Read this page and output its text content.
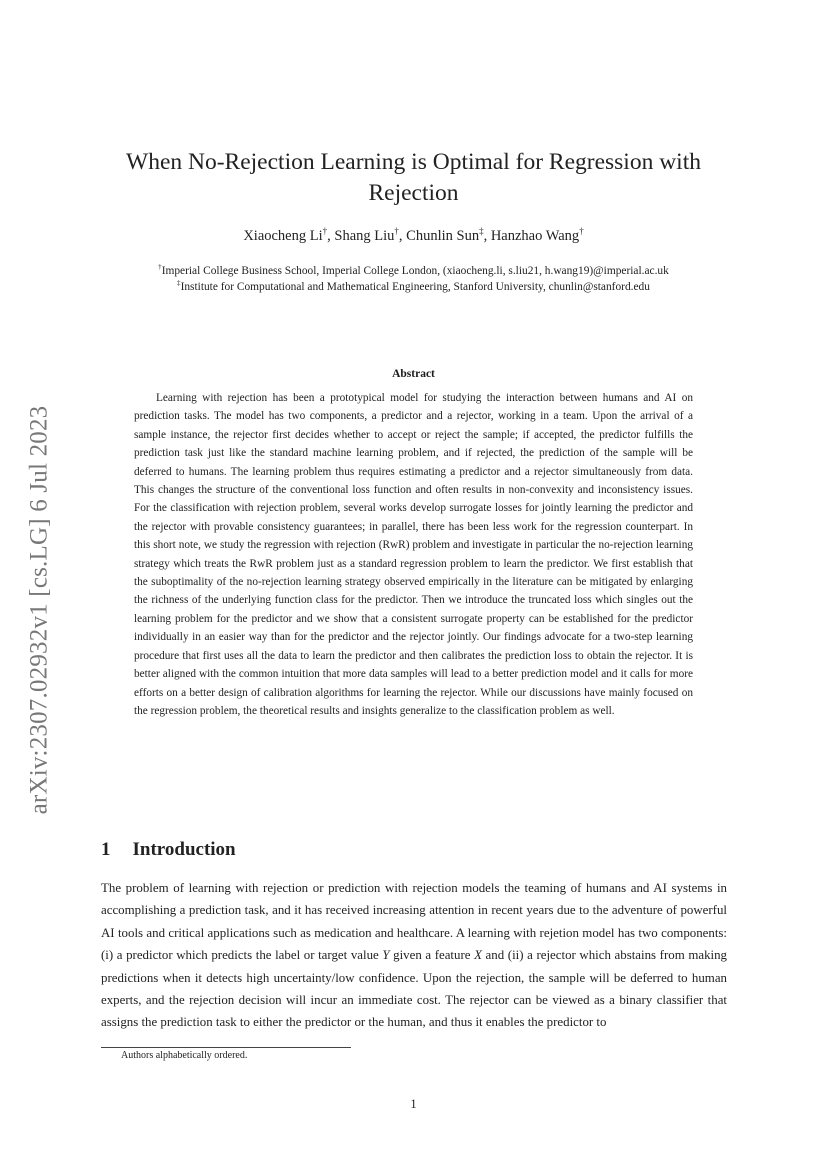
arXiv:2307.02932v1 [cs.LG] 6 Jul 2023
When No-Rejection Learning is Optimal for Regression with Rejection
Xiaocheng Li†, Shang Liu†, Chunlin Sun‡, Hanzhao Wang†
†Imperial College Business School, Imperial College London, (xiaocheng.li, s.liu21, h.wang19)@imperial.ac.uk
‡Institute for Computational and Mathematical Engineering, Stanford University, chunlin@stanford.edu
Abstract

Learning with rejection has been a prototypical model for studying the interaction between humans and AI on prediction tasks. The model has two components, a predictor and a rejector, working in a team. Upon the arrival of a sample instance, the rejector first decides whether to accept or reject the sample; if accepted, the predictor fulfills the prediction task just like the standard machine learning problem, and if rejected, the prediction of the sample will be deferred to humans. The learning problem thus requires estimating a predictor and a rejector simultaneously from data. This changes the structure of the conventional loss function and often results in non-convexity and inconsistency issues. For the classification with rejection problem, several works develop surrogate losses for jointly learning the predictor and the rejector with provable consistency guarantees; in parallel, there has been less work for the regression counterpart. In this short note, we study the regression with rejection (RwR) problem and investigate in particular the no-rejection learning strategy which treats the RwR problem just as a standard regression problem to learn the predictor. We first establish that the suboptimality of the no-rejection learning strategy observed empirically in the literature can be mitigated by enlarging the richness of the underlying function class for the predictor. Then we introduce the truncated loss which singles out the learning problem for the predictor and we show that a consistent surrogate property can be established for the predictor individually in an easier way than for the predictor and the rejector jointly. Our findings advocate for a two-step learning procedure that first uses all the data to learn the predictor and then calibrates the prediction loss to obtain the rejector. It is better aligned with the common intuition that more data samples will lead to a better prediction model and it calls for more efforts on a better design of calibration algorithms for learning the rejector. While our discussions have mainly focused on the regression problem, the theoretical results and insights generalize to the classification problem as well.

1 Introduction

The problem of learning with rejection or prediction with rejection models the teaming of humans and AI systems in accomplishing a prediction task, and it has received increasing attention in recent years due to the adventure of powerful AI tools and critical applications such as medication and healthcare. A learning with rejetion model has two components: (i) a predictor which predicts the label or target value Y given a feature X and (ii) a rejector which abstains from making predictions when it detects high uncertainty/low confidence. Upon the rejection, the sample will be deferred to human experts, and the rejection decision will incur an immediate cost. The rejector can be viewed as a binary classifier that assigns the prediction task to either the predictor or the human, and thus it enables the predictor to

Authors alphabetically ordered.
1
